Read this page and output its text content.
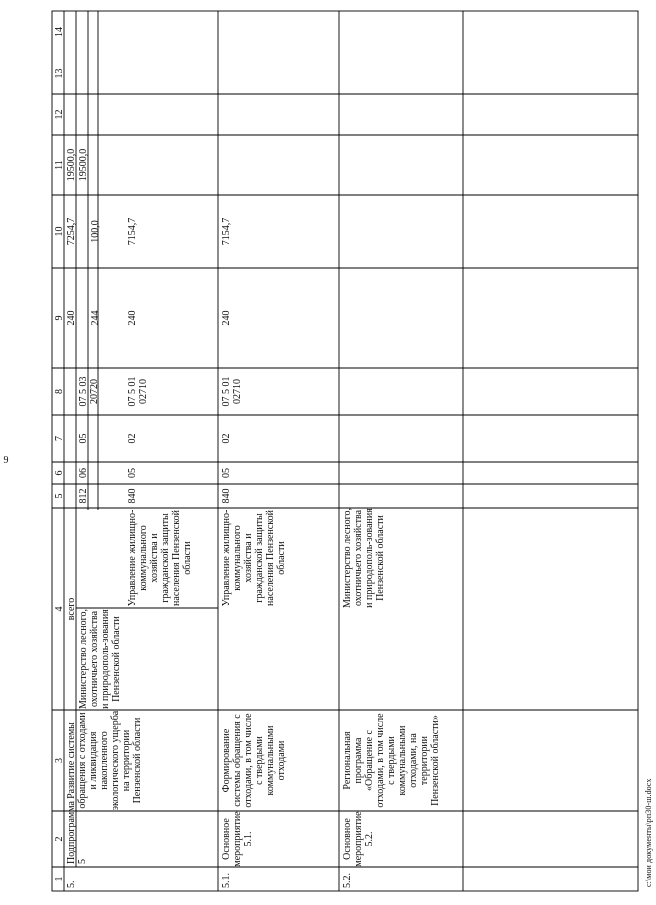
9
1
2
3
4
5
6
7
8
9
10
11
12
13
14
5.
Подпрограмма 5
Развитие системы обращения с отходами и ликвидация накопленного экологического ущерба на территории Пензенской области
всего
240
7254,7
19500,0
Министерство лесного, охотничьего хозяйства и природополь-зования Пензенской области
812
06
05
07 5 03 20720
244
100,0
19500,0
Управление жилищно-коммунального хозяйства и гражданской защиты населения Пензенской области
840
05
02
07 5 01 02710
240
7154,7
5.1.
Основное мероприятие 5.1.
Формирование системы обращения с отходами, в том числе с твердыми коммунальными отходами
Управление жилищно-коммунального хозяйства и гражданской защиты населения Пензенской области
840
05
02
07 5 01 02710
240
7154,7
5.2.
Основное мероприятие 5.2.
Региональная программа «Обращение с отходами, в том числе с твердыми коммунальными отходами, на территории Пензенской области»
Министерство лесного, охотничьего хозяйства и природополь-зования Пензенской области
c:\мои документы\рп30-ш.docx
